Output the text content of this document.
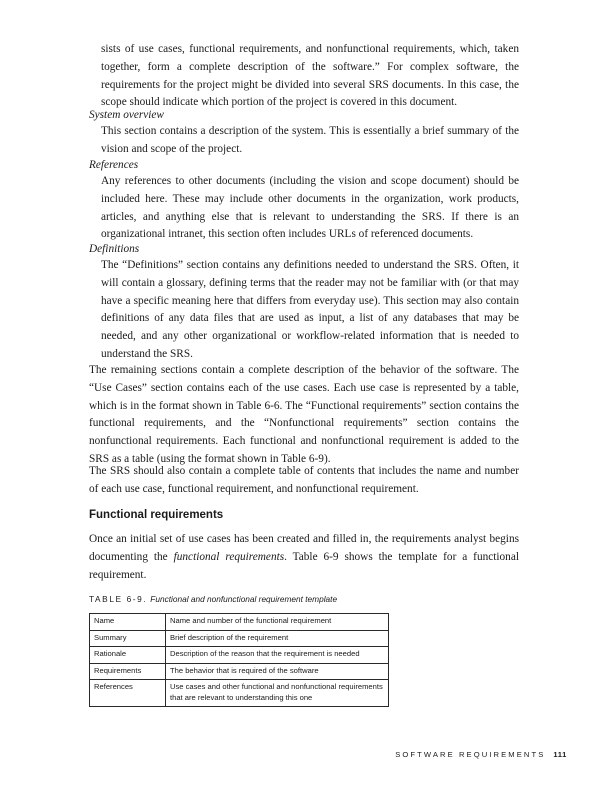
sists of use cases, functional requirements, and nonfunctional requirements, which, taken together, form a complete description of the software.” For complex software, the requirements for the project might be divided into several SRS documents. In this case, the scope should indicate which portion of the project is covered in this document.

System overview

This section contains a description of the system. This is essentially a brief summary of the vision and scope of the project.

References

Any references to other documents (including the vision and scope document) should be included here. These may include other documents in the organization, work products, articles, and anything else that is relevant to understanding the SRS. If there is an organizational intranet, this section often includes URLs of referenced documents.

Definitions

The “Definitions” section contains any definitions needed to understand the SRS. Often, it will contain a glossary, defining terms that the reader may not be familiar with (or that may have a specific meaning here that differs from everyday use). This section may also contain definitions of any data files that are used as input, a list of any databases that may be needed, and any other organizational or workflow-related information that is needed to understand the SRS.

The remaining sections contain a complete description of the behavior of the software. The “Use Cases” section contains each of the use cases. Each use case is represented by a table, which is in the format shown in Table 6-6. The “Functional requirements” section contains the functional requirements, and the “Nonfunctional requirements” section contains the nonfunctional requirements. Each functional and nonfunctional requirement is added to the SRS as a table (using the format shown in Table 6-9).

The SRS should also contain a complete table of contents that includes the name and number of each use case, functional requirement, and nonfunctional requirement.

Functional requirements

Once an initial set of use cases has been created and filled in, the requirements analyst begins documenting the functional requirements. Table 6-9 shows the template for a functional requirement.

TABLE 6-9. Functional and nonfunctional requirement template

Name	Name and number of the functional requirement
Summary	Brief description of the requirement
Rationale	Description of the reason that the requirement is needed
Requirements	The behavior that is required of the software
References	Use cases and other functional and nonfunctional requirements that are relevant to understanding this one

SOFTWARE REQUIREMENTS 111
